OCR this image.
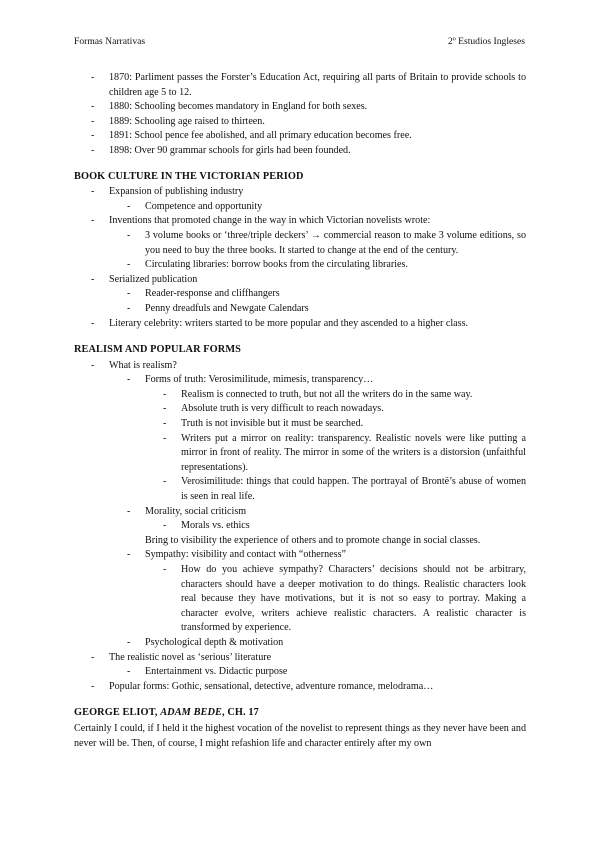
Formas Narrativas	2º Estudios Ingleses
- 1870: Parliment passes the Forster’s Education Act, requiring all parts of Britain to provide schools to children age 5 to 12.
- 1880: Schooling becomes mandatory in England for both sexes.
- 1889: Schooling age raised to thirteen.
- 1891: School pence fee abolished, and all primary education becomes free.
- 1898: Over 90 grammar schools for girls had been founded.
BOOK CULTURE IN THE VICTORIAN PERIOD
- Expansion of publishing industry
- Competence and opportunity
- Inventions that promoted change in the way in which Victorian novelists wrote:
- 3 volume books or ‘three/triple deckers’ → commercial reason to make 3 volume editions, so you need to buy the three books. It started to change at the end of the century.
- Circulating libraries: borrow books from the circulating libraries.
- Serialized publication
- Reader-response and cliffhangers
- Penny dreadfuls and Newgate Calendars
- Literary celebrity: writers started to be more popular and they ascended to a higher class.
REALISM AND POPULAR FORMS
- What is realism?
- Forms of truth: Verosimilitude, mimesis, transparency…
- Realism is connected to truth, but not all the writers do in the same way.
- Absolute truth is very difficult to reach nowadays.
- Truth is not invisible but it must be searched.
- Writers put a mirror on reality: transparency. Realistic novels were like putting a mirror in front of reality. The mirror in some of the writers is a distorsion (unfaithful representations).
- Verosimilitude: things that could happen. The portrayal of Brontë’s abuse of women is seen in real life.
- Morality, social criticism
- Morals vs. ethics
Bring to visibility the experience of others and to promote change in social classes.
- Sympathy: visibility and contact with “otherness”
- How do you achieve sympathy? Characters’ decisions should not be arbitrary, characters should have a deeper motivation to do things. Realistic characters look real because they have motivations, but it is not so easy to portray. Making a character evolve, writers achieve realistic characters. A realistic character is transformed by experience.
- Psychological depth & motivation
- The realistic novel as ‘serious’ literature
- Entertainment vs. Didactic purpose
- Popular forms: Gothic, sensational, detective, adventure romance, melodrama…
GEORGE ELIOT, ADAM BEDE, CH. 17
Certainly I could, if I held it the highest vocation of the novelist to represent things as they never have been and never will be. Then, of course, I might refashion life and character entirely after my own
